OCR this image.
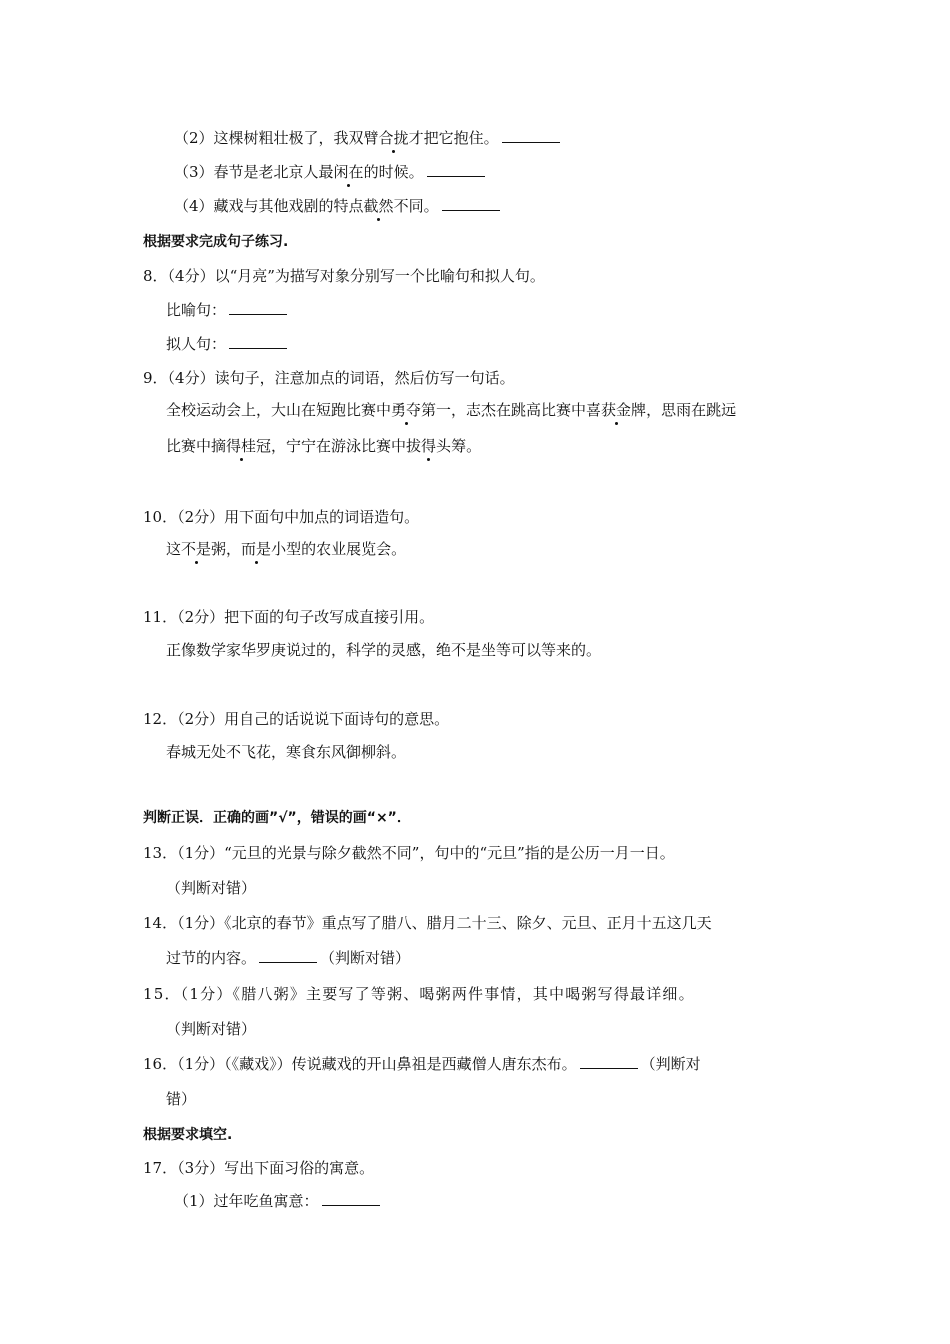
（2）这棵树粗壮极了，我双臂合拢才把它抱住。
（3）春节是老北京人最闲在的时候。
（4）藏戏与其他戏剧的特点截然不同。
根据要求完成句子练习.
8．（4分）以“月亮”为描写对象分别写一个比喻句和拟人句。
比喻句：
拟人句：
9．（4分）读句子，注意加点的词语，然后仿写一句话。
全校运动会上，大山在短跑比赛中勇夺第一，志杰在跳高比赛中喜获金牌，思雨在跳远
比赛中摘得桂冠，宁宁在游泳比赛中拔得头筹。
10．（2分）用下面句中加点的词语造句。
这不是粥，而是小型的农业展览会。
11．（2分）把下面的句子改写成直接引用。
正像数学家华罗庚说过的，科学的灵感，绝不是坐等可以等来的。
12．（2分）用自己的话说说下面诗句的意思。
春城无处不飞花，寒食东风御柳斜。
判断正误．正确的画”√”，错误的画“×”．
13．（1分）“元旦的光景与除夕截然不同”，句中的“元旦”指的是公历一月一日。
（判断对错）
14．（1分）《北京的春节》重点写了腊八、腊月二十三、除夕、元旦、正月十五这几天
过节的内容。	（判断对错）
15．（1分）《腊八粥》主要写了等粥、喝粥两件事情，其中喝粥写得最详细。
（判断对错）
16．（1分）（《藏戏》）传说藏戏的开山鼻祖是西藏僧人唐东杰布。	（判断对
错）
根据要求填空.
17．（3分）写出下面习俗的寓意。
（1）过年吃鱼寓意：
